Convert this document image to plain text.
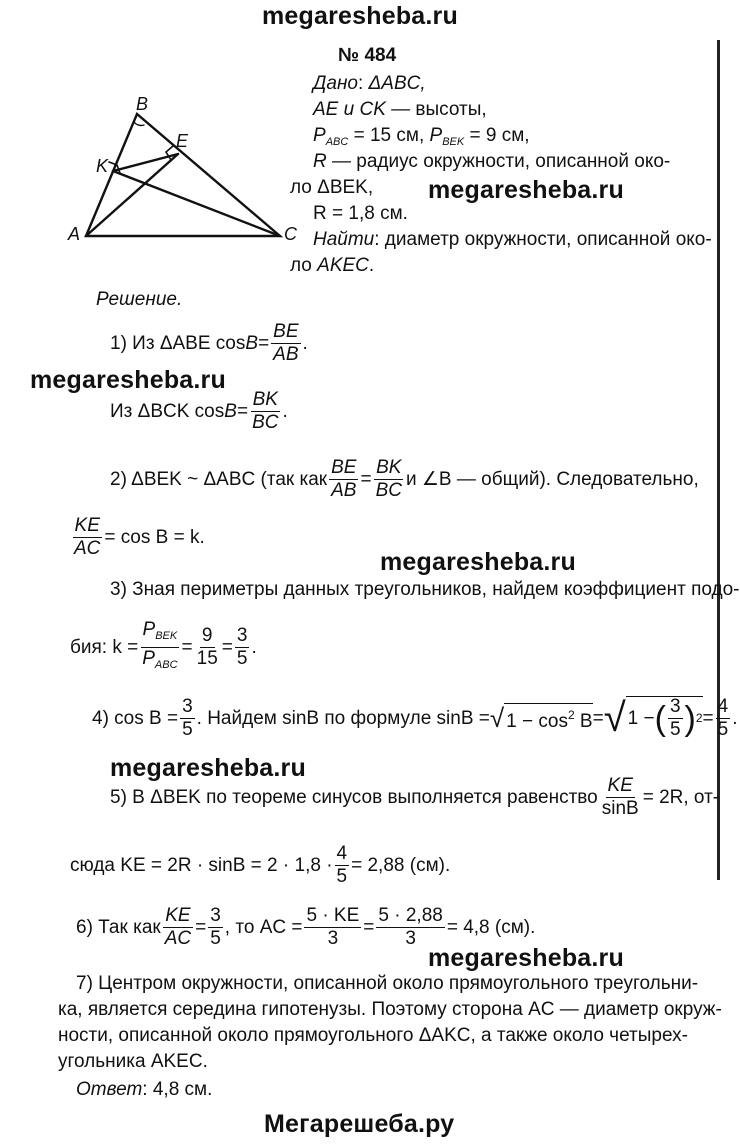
megaresheba.ru
megaresheba.ru
megaresheba.ru
megaresheba.ru
megaresheba.ru
megaresheba.ru
Мегарешеба.ру
№ 484
B
E
K
A	C
Дано: ΔABC,
AE и CK — высоты,
$P_{ABC} = 15$ см, $P_{BEK} = 9$ см,
R — радиус окружности, описанной око-
ло ΔBEK,
R = 1,8 см.
Найти: диаметр окружности, описанной око-
ло AKEC.
Решение.
1) Из ΔABE $\cos B = \frac{BE}{AB}$ .
Из ΔBCK $\cos B = \frac{BK}{BC}$ .
2) ΔBEK ~ ΔABC (так как $\frac{BE}{AB} = \frac{BK}{BC}$ и ∠B — общий). Следовательно,
$\frac{KE}{AC} = \cos B = k$.
3) Зная периметры данных треугольников, найдем коэффициент подо-
бия: $k = \frac{P_{BEK}}{P_{ABC}} = \frac{9}{15} = \frac{3}{5}$ .
4) $\cos B = \frac{3}{5}$ . Найдем sinB по формуле sinB = √ $1 - \cos^2 B$ = √ 1 − ( $\frac{3}{5}$ ) $2 = \frac{4}{5}$ .
5) В ΔBEK по теореме синусов выполняется равенство $\frac{KE}{\sin B} = 2R$, от-
сюда KE = $2R \cdot \sin B = 2 \cdot 1,8 \cdot \frac{4}{5} = 2,88$ (см).
6) Так как $\frac{KE}{AC} = \frac{3}{5}$ , то AC = $\frac{5 \cdot KE}{3} = \frac{5 \cdot 2,88}{3} = 4,8$ (см).
7) Центром окружности, описанной около прямоугольного треугольни-
ка, является середина гипотенузы. Поэтому сторона AC — диаметр окруж-
ности, описанной около прямоугольного ΔAKC, а также около четырех-
угольника AKEC.
Ответ: 4,8 см.
